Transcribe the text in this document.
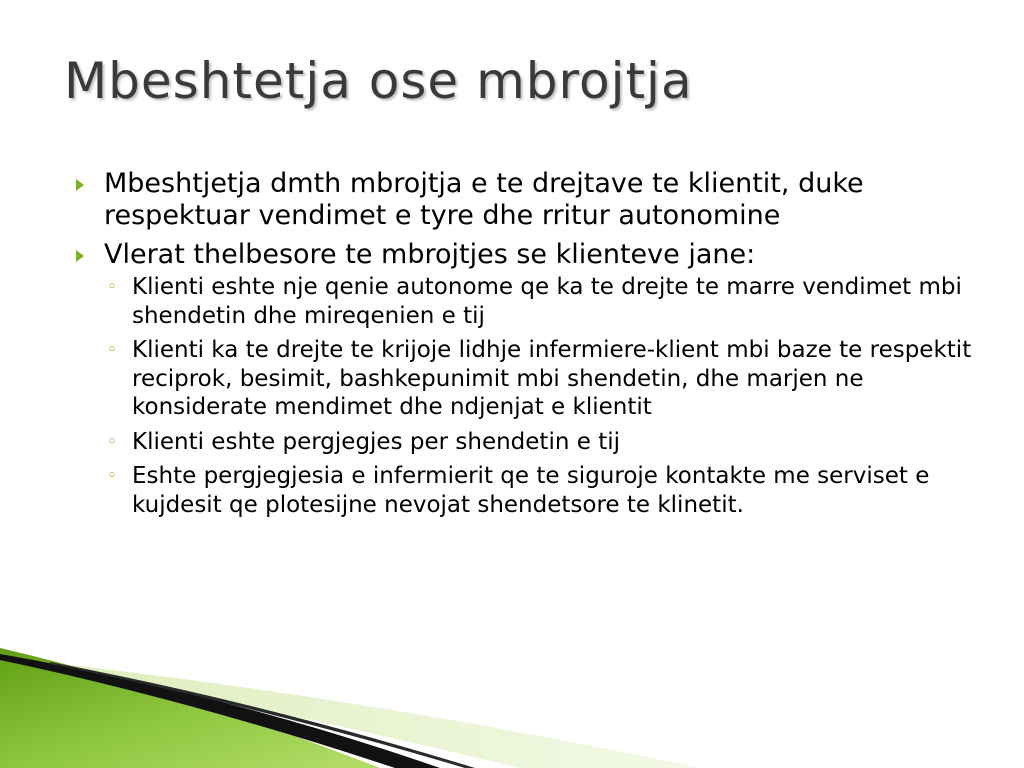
Mbeshtetja ose mbrojtja
Mbeshtjetja dmth mbrojtja e te drejtave te klientit, duke respektuar vendimet e tyre dhe rritur autonomine
Vlerat thelbesore te mbrojtjes se klienteve jane:
◦ Klienti eshte nje qenie autonome qe ka te drejte te marre vendimet mbi shendetin dhe mireqenien e tij
◦ Klienti ka te drejte te krijoje lidhje infermiere-klient mbi baze te respektit reciprok, besimit, bashkepunimit mbi shendetin, dhe marjen ne konsiderate mendimet dhe ndjenjat e klientit
◦ Klienti eshte pergjegjes per shendetin e tij
◦ Eshte pergjegjesia e infermierit qe te siguroje kontakte me serviset e kujdesit qe plotesijne nevojat shendetsore te klinetit.
